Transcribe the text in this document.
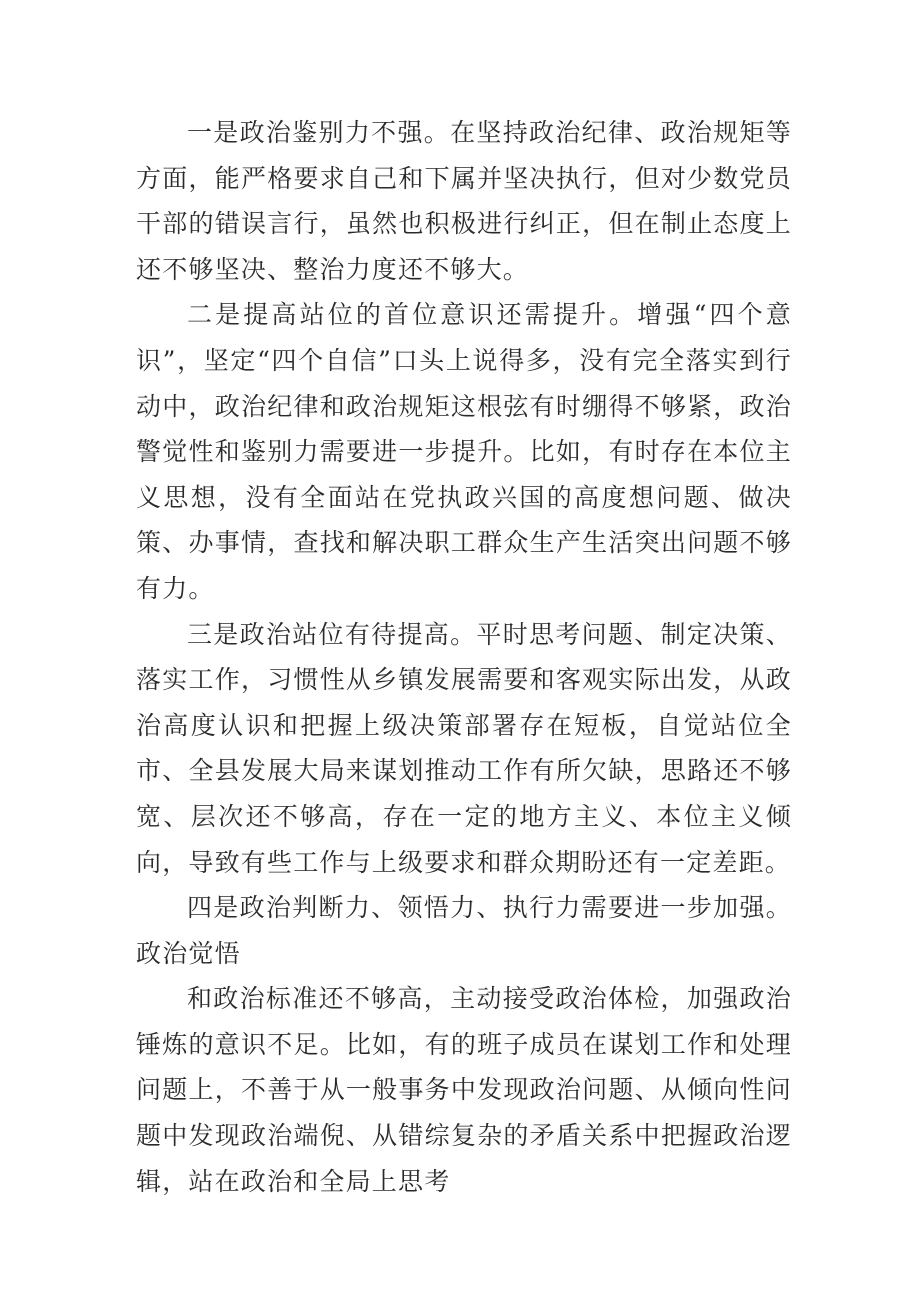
一是政治鉴别力不强。在坚持政治纪律、政治规矩等方面，能严格要求自己和下属并坚决执行，但对少数党员干部的错误言行，虽然也积极进行纠正，但在制止态度上还不够坚决、整治力度还不够大。

二是提高站位的首位意识还需提升。增强“四个意识”，坚定“四个自信”口头上说得多，没有完全落实到行动中，政治纪律和政治规矩这根弦有时绷得不够紧，政治警觉性和鉴别力需要进一步提升。比如，有时存在本位主义思想，没有全面站在党执政兴国的高度想问题、做决策、办事情，查找和解决职工群众生产生活突出问题不够有力。

三是政治站位有待提高。平时思考问题、制定决策、落实工作，习惯性从乡镇发展需要和客观实际出发，从政治高度认识和把握上级决策部署存在短板，自觉站位全市、全县发展大局来谋划推动工作有所欠缺，思路还不够宽、层次还不够高，存在一定的地方主义、本位主义倾向，导致有些工作与上级要求和群众期盼还有一定差距。

四是政治判断力、领悟力、执行力需要进一步加强。政治觉悟

和政治标准还不够高，主动接受政治体检，加强政治锤炼的意识不足。比如，有的班子成员在谋划工作和处理问题上，不善于从一般事务中发现政治问题、从倾向性问题中发现政治端倪、从错综复杂的矛盾关系中把握政治逻辑，站在政治和全局上思考
